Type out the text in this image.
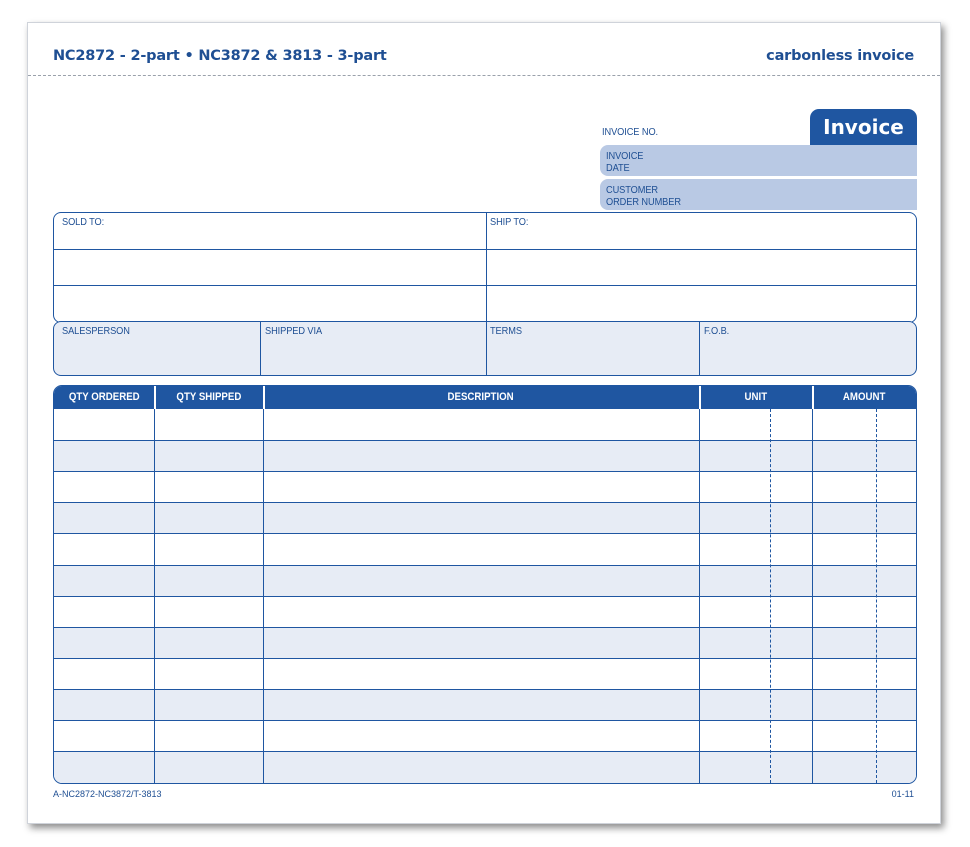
NC2872 - 2-part • NC3872 & 3813 - 3-part	carbonless invoice
INVOICE NO.	Invoice
INVOICE
DATE
CUSTOMER
ORDER NUMBER
SOLD TO:	SHIP TO:
SALESPERSON	SHIPPED VIA	TERMS	F.O.B.
QTY ORDERED	QTY SHIPPED	DESCRIPTION	UNIT	AMOUNT
A-NC2872-NC3872/T-3813	01-11
